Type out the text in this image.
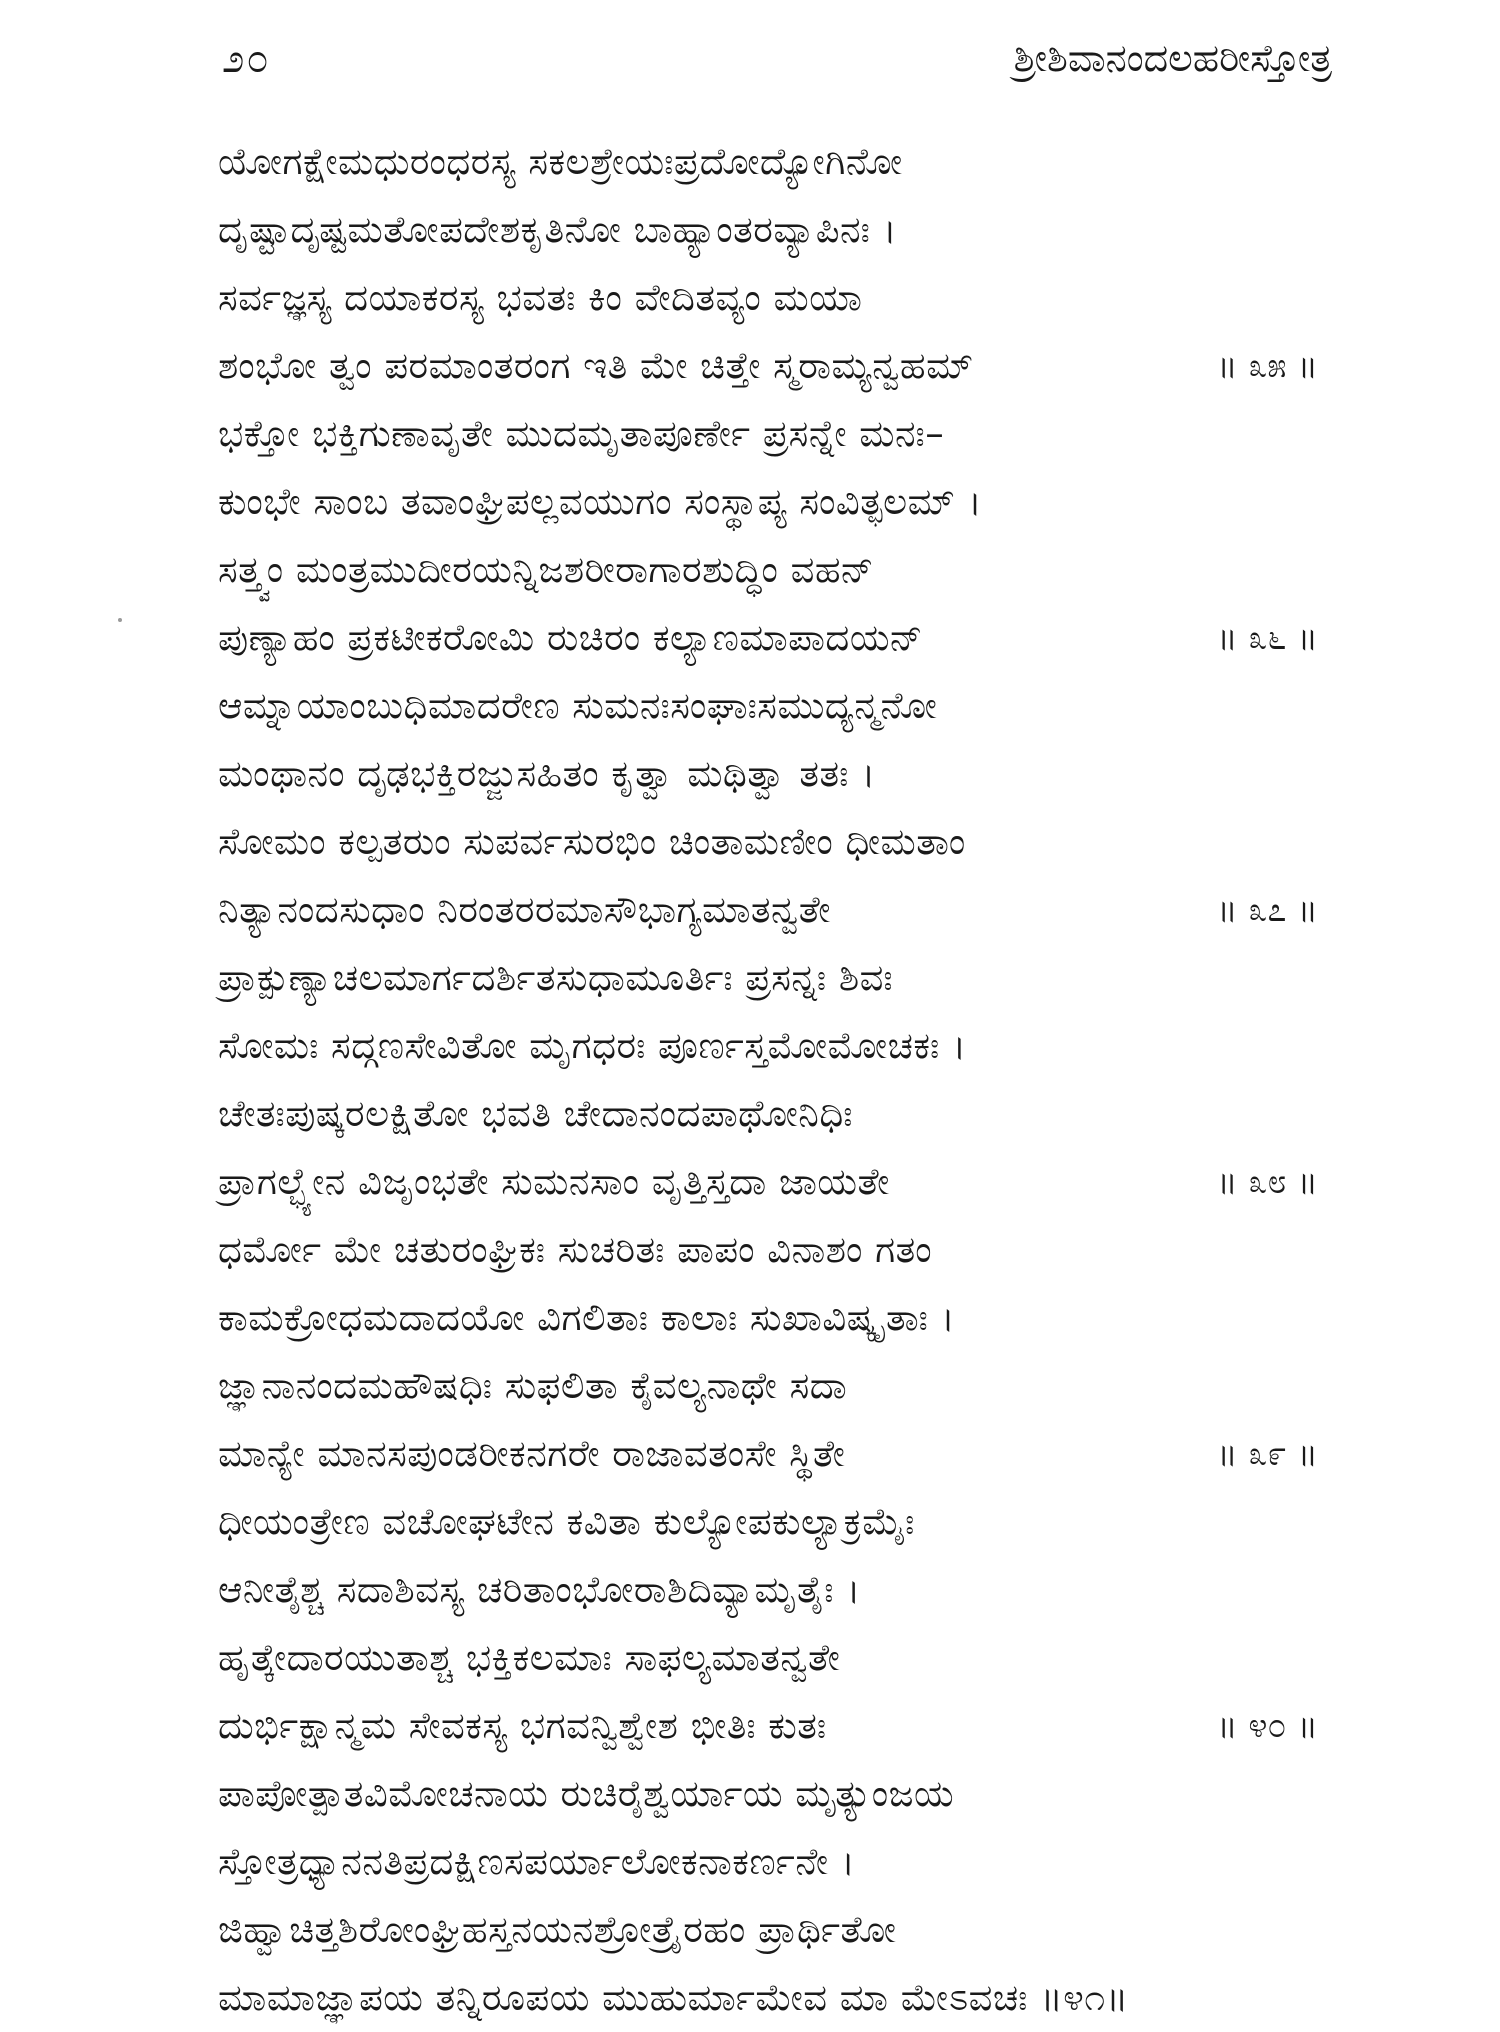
೨೦	ಶ್ರೀಶಿವಾನಂದಲಹರೀಸ್ತೋತ್ರ
ಯೋಗಕ್ಷೇಮಧುರಂಧರಸ್ಯ ಸಕಲಶ್ರೇಯಃಪ್ರದೋದ್ಯೋಗಿನೋ
ದೃಷ್ಟಾದೃಷ್ಟಮತೋಪದೇಶಕೃತಿನೋ ಬಾಹ್ಯಾಂತರವ್ಯಾಪಿನಃ ।
ಸರ್ವಜ್ಞಸ್ಯ ದಯಾಕರಸ್ಯ ಭವತಃ ಕಿಂ ವೇದಿತವ್ಯಂ ಮಯಾ
ಶಂಭೋ ತ್ವಂ ಪರಮಾಂತರಂಗ ಇತಿ ಮೇ ಚಿತ್ತೇ ಸ್ಮರಾಮ್ಯನ್ವಹಮ್	॥ ೩೫ ॥
ಭಕ್ತೋ ಭಕ್ತಿಗುಣಾವೃತೇ ಮುದಮೃತಾಪೂರ್ಣೇ ಪ್ರಸನ್ನೇ ಮನಃ–
ಕುಂಭೇ ಸಾಂಬ ತವಾಂಘ್ರಿಪಲ್ಲವಯುಗಂ ಸಂಸ್ಥಾಪ್ಯ ಸಂವಿತ್ಫಲಮ್ ।
ಸತ್ತ್ವಂ ಮಂತ್ರಮುದೀರಯನ್ನಿಜಶರೀರಾಗಾರಶುದ್ಧಿಂ ವಹನ್
ಪುಣ್ಯಾಹಂ ಪ್ರಕಟೀಕರೋಮಿ ರುಚಿರಂ ಕಲ್ಯಾಣಮಾಪಾದಯನ್	॥ ೩೬ ॥
ಆಮ್ನಾಯಾಂಬುಧಿಮಾದರೇಣ ಸುಮನಃಸಂಘಾಃಸಮುದ್ಯನ್ಮನೋ
ಮಂಥಾನಂ ದೃಢಭಕ್ತಿರಜ್ಜುಸಹಿತಂ ಕೃತ್ವಾ ಮಥಿತ್ವಾ ತತಃ ।
ಸೋಮಂ ಕಲ್ಪತರುಂ ಸುಪರ್ವಸುರಭಿಂ ಚಿಂತಾಮಣೀಂ ಧೀಮತಾಂ
ನಿತ್ಯಾನಂದಸುಧಾಂ ನಿರಂತರರಮಾಸೌಭಾಗ್ಯಮಾತನ್ವತೇ	॥ ೩೭ ॥
ಪ್ರಾಕ್ಪುಣ್ಯಾಚಲಮಾರ್ಗದರ್ಶಿತಸುಧಾಮೂರ್ತಿಃ ಪ್ರಸನ್ನಃ ಶಿವಃ
ಸೋಮಃ ಸದ್ಗಣಸೇವಿತೋ ಮೃಗಧರಃ ಪೂರ್ಣಸ್ತಮೋಮೋಚಕಃ ।
ಚೇತಃಪುಷ್ಕರಲಕ್ಷಿತೋ ಭವತಿ ಚೇದಾನಂದಪಾಥೋನಿಧಿಃ
ಪ್ರಾಗಲ್ಭ್ಯೇನ ವಿಜೃಂಭತೇ ಸುಮನಸಾಂ ವೃತ್ತಿಸ್ತದಾ ಜಾಯತೇ	॥ ೩೮ ॥
ಧರ್ಮೋ ಮೇ ಚತುರಂಘ್ರಿಕಃ ಸುಚರಿತಃ ಪಾಪಂ ವಿನಾಶಂ ಗತಂ
ಕಾಮಕ್ರೋಧಮದಾದಯೋ ವಿಗಲಿತಾಃ ಕಾಲಾಃ ಸುಖಾವಿಷ್ಕೃತಾಃ ।
ಜ್ಞಾನಾನಂದಮಹೌಷಧಿಃ ಸುಫಲಿತಾ ಕೈವಲ್ಯನಾಥೇ ಸದಾ
ಮಾನ್ಯೇ ಮಾನಸಪುಂಡರೀಕನಗರೇ ರಾಜಾವತಂಸೇ ಸ್ಥಿತೇ	॥ ೩೯ ॥
ಧೀಯಂತ್ರೇಣ ವಚೋಘಟೇನ ಕವಿತಾ ಕುಲ್ಯೋಪಕುಲ್ಯಾಕ್ರಮೈಃ
ಆನೀತೈಶ್ಚ ಸದಾಶಿವಸ್ಯ ಚರಿತಾಂಭೋರಾಶಿದಿವ್ಯಾಮೃತೈಃ ।
ಹೃತ್ಕೇದಾರಯುತಾಶ್ಚ ಭಕ್ತಿಕಲಮಾಃ ಸಾಫಲ್ಯಮಾತನ್ವತೇ
ದುರ್ಭಿಕ್ಷಾನ್ಮಮ ಸೇವಕಸ್ಯ ಭಗವನ್ವಿಶ್ವೇಶ ಭೀತಿಃ ಕುತಃ	॥ ೪೦ ॥
ಪಾಪೋತ್ಪಾತವಿಮೋಚನಾಯ ರುಚಿರೈಶ್ವರ್ಯಾಯ ಮೃತ್ಯುಂಜಯ
ಸ್ತೋತ್ರಧ್ಯಾನನತಿಪ್ರದಕ್ಷಿಣಸಪರ್ಯಾಲೋಕನಾಕರ್ಣನೇ ।
ಜಿಹ್ವಾಚಿತ್ತಶಿರೋಂಘ್ರಿಹಸ್ತನಯನಶ್ರೋತ್ರೈರಹಂ ಪ್ರಾರ್ಥಿತೋ
ಮಾಮಾಜ್ಞಾಪಯ ತನ್ನಿರೂಪಯ ಮುಹುರ್ಮಾಮೇವ ಮಾ ಮೇಽವಚಃ ॥೪೧॥
